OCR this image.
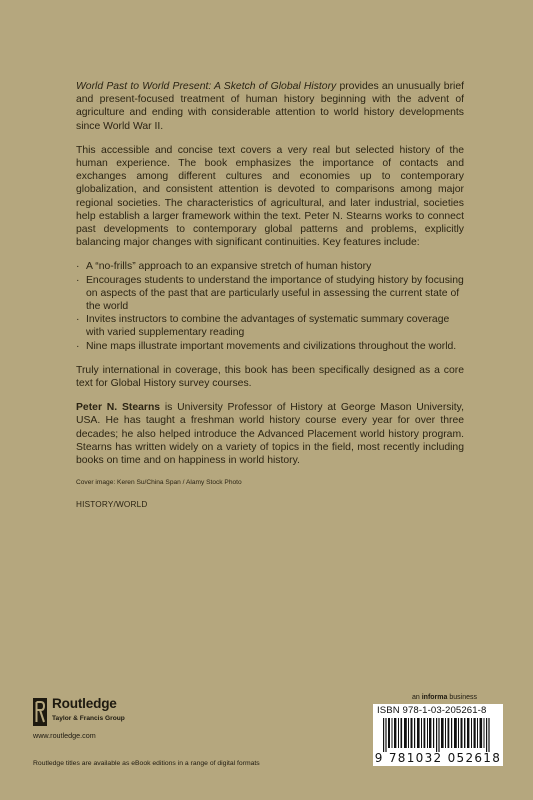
World Past to World Present: A Sketch of Global History provides an unusually brief and present-focused treatment of human history beginning with the advent of agriculture and ending with considerable attention to world history developments since World War II.

This accessible and concise text covers a very real but selected history of the human experience. The book emphasizes the importance of contacts and exchanges among different cultures and economies up to contemporary globalization, and consistent attention is devoted to comparisons among major regional societies. The characteristics of agricultural, and later industrial, societies help establish a larger framework within the text. Peter N. Stearns works to connect past developments to contemporary global patterns and problems, explicitly balancing major changes with significant continuities. Key features include:

· A “no-frills” approach to an expansive stretch of human history
· Encourages students to understand the importance of studying history by focusing on aspects of the past that are particularly useful in assessing the current state of the world
· Invites instructors to combine the advantages of systematic summary coverage with varied supplementary reading
· Nine maps illustrate important movements and civilizations throughout the world.

Truly international in coverage, this book has been specifically designed as a core text for Global History survey courses.

Peter N. Stearns is University Professor of History at George Mason University, USA. He has taught a freshman world history course every year for over three decades; he also helped introduce the Advanced Placement world history program. Stearns has written widely on a variety of topics in the field, most recently including books on time and on happiness in world history.

Cover image: Keren Su/China Span / Alamy Stock Photo

HISTORY/WORLD

Routledge
Taylor & Francis Group
www.routledge.com
an informa business
ISBN 978-1-03-205261-8
9 781032 052618
Routledge titles are available as eBook editions in a range of digital formats
